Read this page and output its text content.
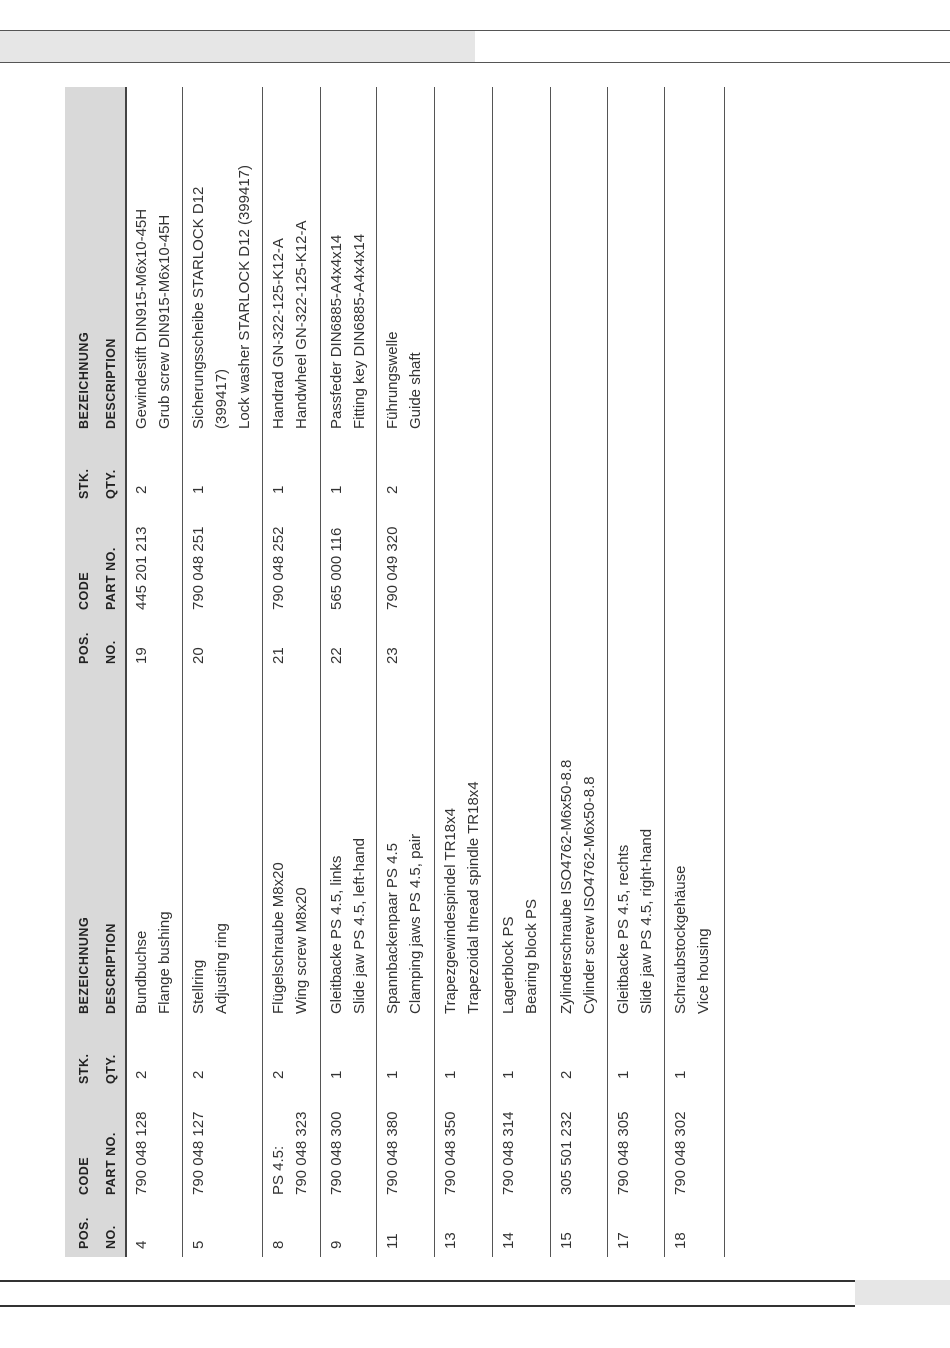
POS. NO.
CODE PART NO.
STK. QTY.
BEZEICHNUNG DESCRIPTION
4
790 048 128
2
Bundbuchse Flange bushing
5
790 048 127
2
Stellring Adjusting ring
8
PS 4.5: 790 048 323
2
Flügelschraube M8x20 Wing screw M8x20
9
790 048 300
1
Gleitbacke PS 4.5, links Slide jaw PS 4.5, left-hand
11
790 048 380
1
Spannbackenpaar PS 4.5 Clamping jaws PS 4.5, pair
13
790 048 350
1
Trapezgewindespindel TR18x4 Trapezoidal thread spindle TR18x4
14
790 048 314
1
Lagerblock PS Bearing block PS
15
305 501 232
2
Zylinderschraube ISO4762-M6x50-8.8 Cylinder screw ISO4762-M6x50-8.8
17
790 048 305
1
Gleitbacke PS 4.5, rechts Slide jaw PS 4.5, right-hand
18
790 048 302
1
Schraubstockgehäuse Vice housing
POS. NO.
CODE PART NO.
STK. QTY.
BEZEICHNUNG DESCRIPTION
19
445 201 213
2
Gewindestift DIN915-M6x10-45H Grub screw DIN915-M6x10-45H
20
790 048 251
1
Sicherungsscheibe STARLOCK D12 (399417) Lock washer STARLOCK D12 (399417)
21
790 048 252
1
Handrad GN-322-125-K12-A Handwheel GN-322-125-K12-A
22
565 000 116
1
Passfeder DIN6885-A4x4x14 Fitting key DIN6885-A4x4x14
23
790 049 320
2
Führungswelle Guide shaft
